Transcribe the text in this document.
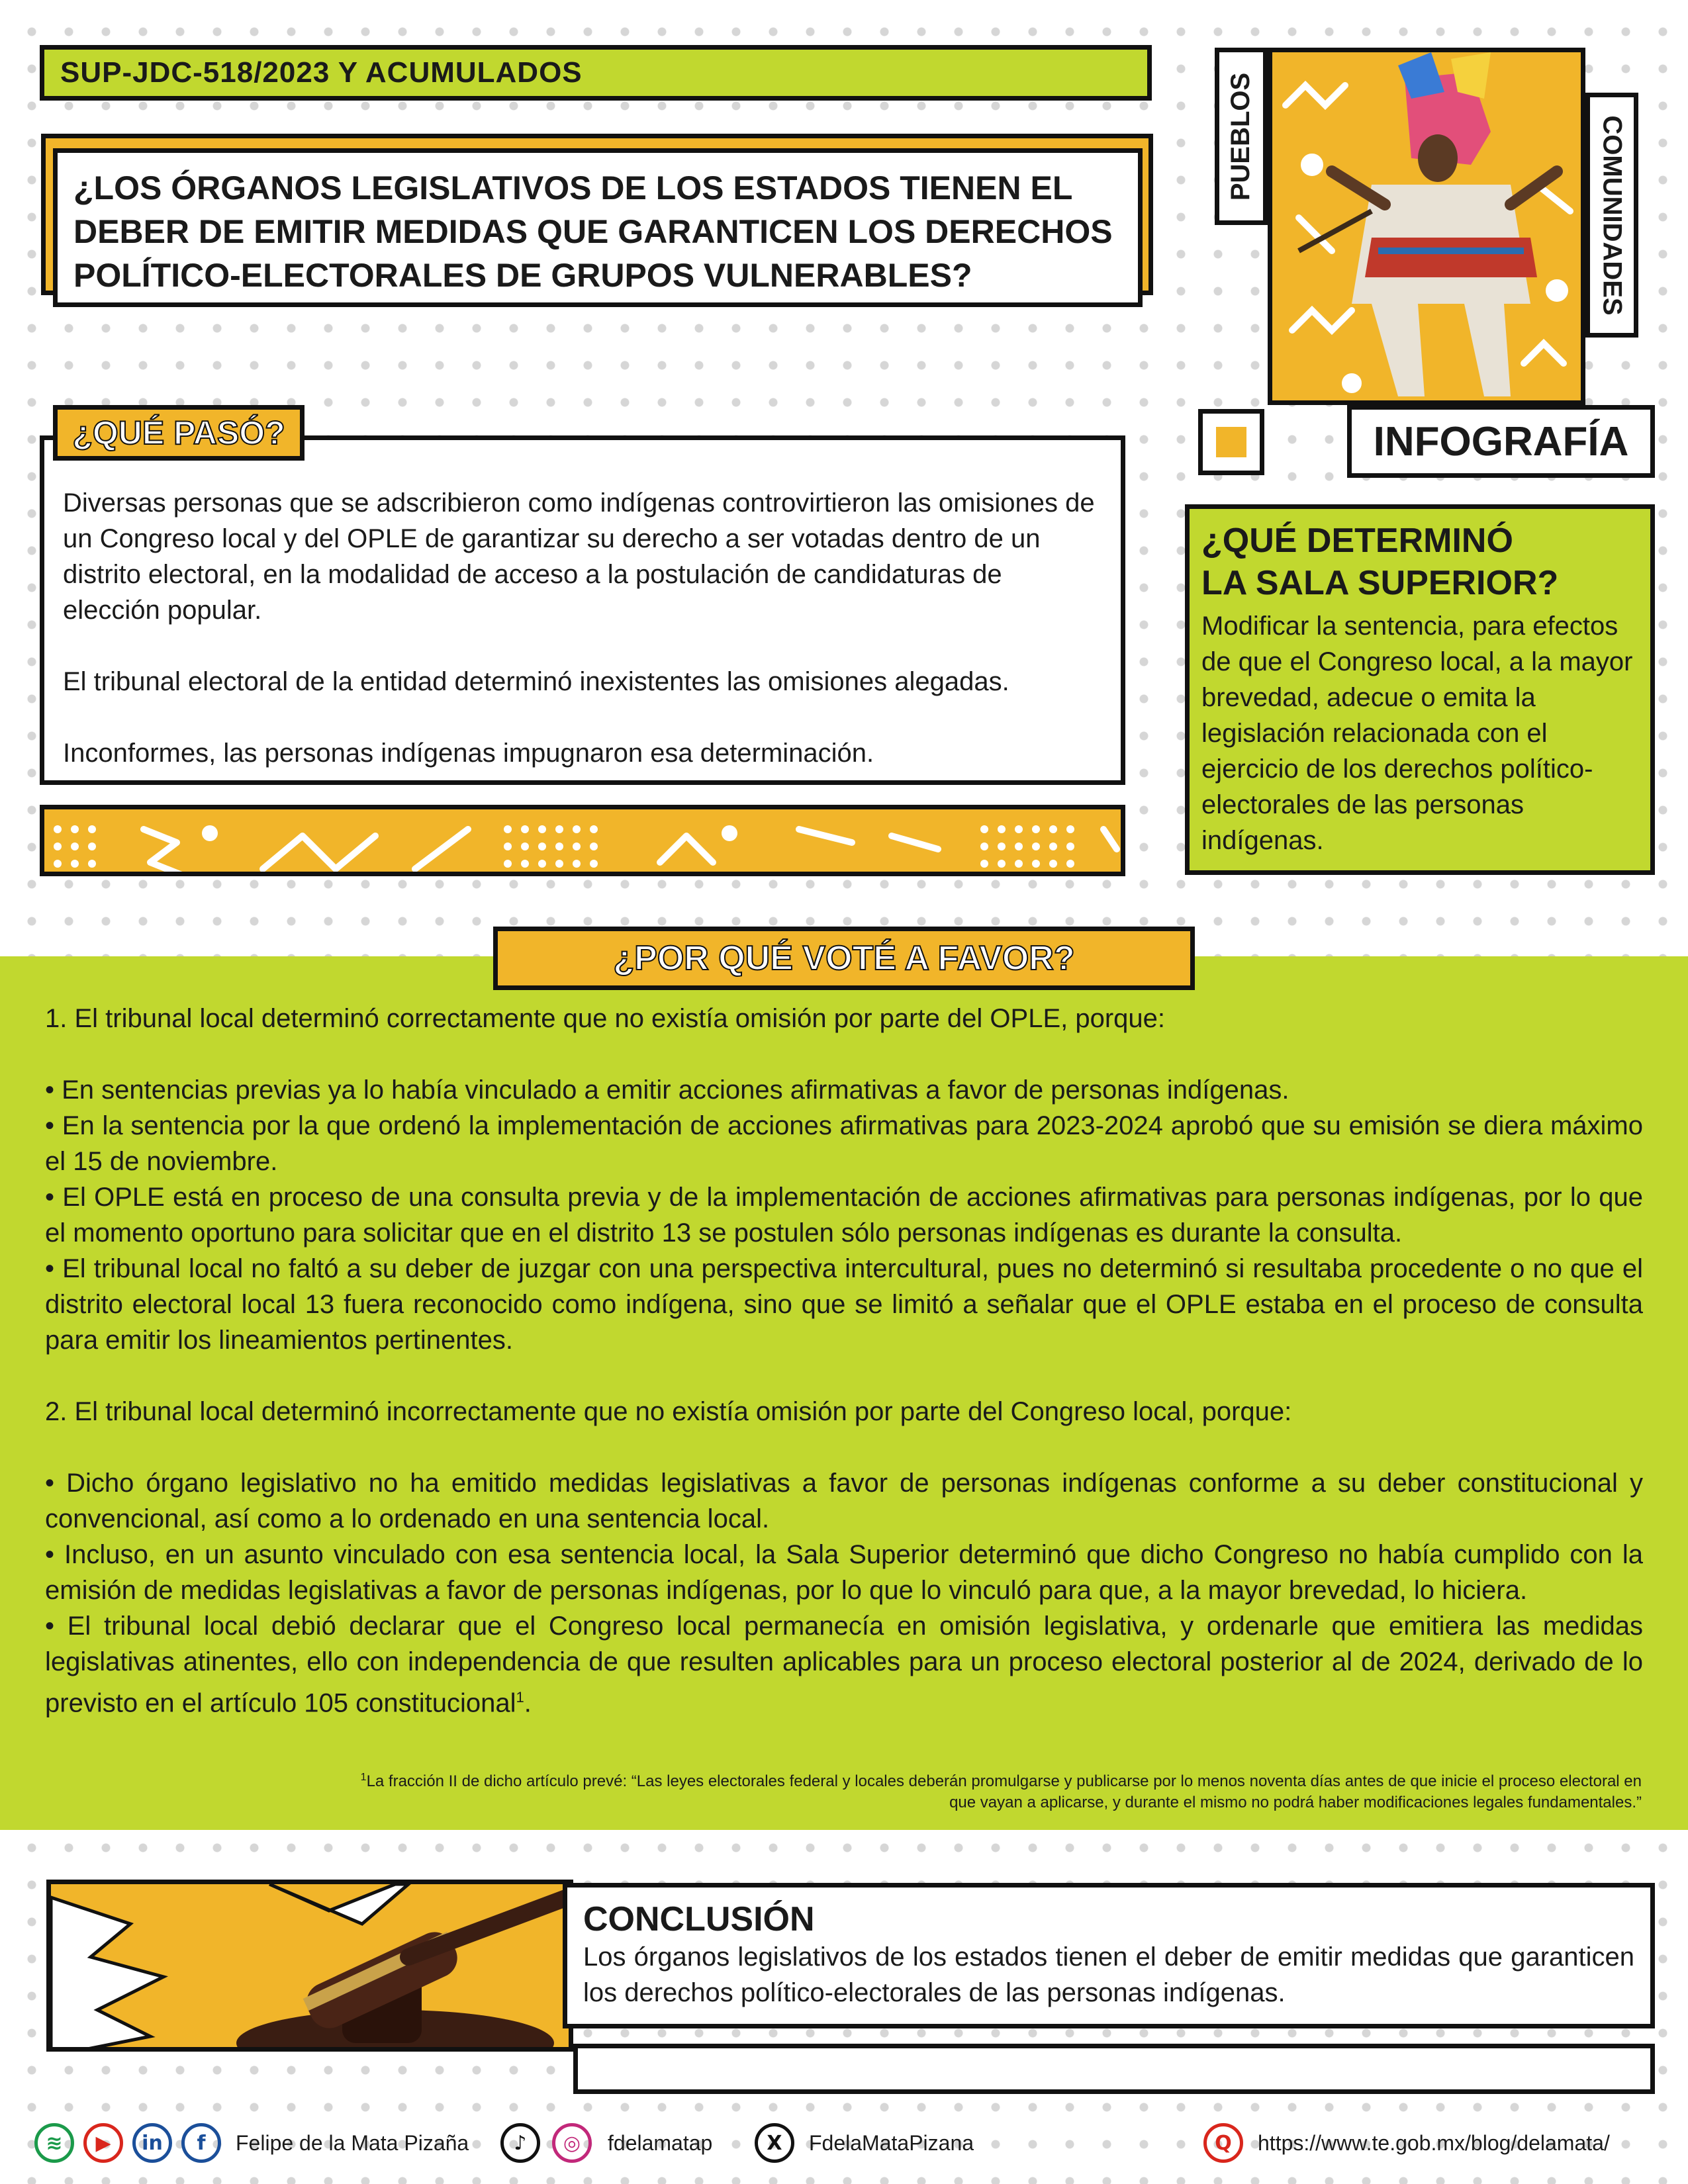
SUP-JDC-518/2023 Y ACUMULADOS
¿LOS ÓRGANOS LEGISLATIVOS DE LOS ESTADOS TIENEN EL DEBER DE EMITIR MEDIDAS QUE GARANTICEN LOS DERECHOS POLÍTICO-ELECTORALES DE GRUPOS VULNERABLES?
PUEBLOS	COMUNIDADES
INFOGRAFÍA
Diversas personas que se adscribieron como indígenas controvirtieron las omisiones de un Congreso local y del OPLE de garantizar su derecho a ser votadas dentro de un distrito electoral, en la modalidad de acceso a la postulación de candidaturas de elección popular.
El tribunal electoral de la entidad determinó inexistentes las omisiones alegadas.
Inconformes, las personas indígenas impugnaron esa determinación.
¿QUÉ PASÓ?
¿QUÉ DETERMINÓ
LA SALA SUPERIOR?
Modificar la sentencia, para efectos de que el Congreso local, a la mayor brevedad, adecue o emita la legislación relacionada con el ejercicio de los derechos político-electorales de las personas indígenas.
¿POR QUÉ VOTÉ A FAVOR?
1. El tribunal local determinó correctamente que no existía omisión por parte del OPLE, porque:
• En sentencias previas ya lo había vinculado a emitir acciones afirmativas a favor de personas indígenas.
• En la sentencia por la que ordenó la implementación de acciones afirmativas para 2023-2024 aprobó que su emisión se diera máximo el 15 de noviembre.
• El OPLE está en proceso de una consulta previa y de la implementación de acciones afirmativas para personas indígenas, por lo que el momento oportuno para solicitar que en el distrito 13 se postulen sólo personas indígenas es durante la consulta.
• El tribunal local no faltó a su deber de juzgar con una perspectiva intercultural, pues no determinó si resultaba procedente o no que el distrito electoral local 13 fuera reconocido como indígena, sino que se limitó a señalar que el OPLE estaba en el proceso de consulta para emitir los lineamientos pertinentes.
2. El tribunal local determinó incorrectamente que no existía omisión por parte del Congreso local, porque:
• Dicho órgano legislativo no ha emitido medidas legislativas a favor de personas indígenas conforme a su deber constitucional y convencional, así como a lo ordenado en una sentencia local.
• Incluso, en un asunto vinculado con esa sentencia local, la Sala Superior determinó que dicho Congreso no había cumplido con la emisión de medidas legislativas a favor de personas indígenas, por lo que lo vinculó para que, a la mayor brevedad, lo hiciera.
• El tribunal local debió declarar que el Congreso local permanecía en omisión legislativa, y ordenarle que emitiera las medidas legislativas atinentes, ello con independencia de que resulten aplicables para un proceso electoral posterior al de 2024, derivado de lo previsto en el artículo 105 constitucional$^1$.
$^1$La fracción II de dicho artículo prevé: “Las leyes electorales federal y locales deberán promulgarse y publicarse por lo menos noventa días antes de que inicie el proceso electoral en que vayan a aplicarse, y durante el mismo no podrá haber modificaciones legales fundamentales.”
CONCLUSIÓN
Los órganos legislativos de los estados tienen el deber de emitir medidas que garanticen los derechos político-electorales de las personas indígenas.
≋	▶	in	f	Felipe de la Mata Pizaña	♪	◎	fdelamatap	X	FdelaMataPizana	Q	https://www.te.gob.mx/blog/delamata/
